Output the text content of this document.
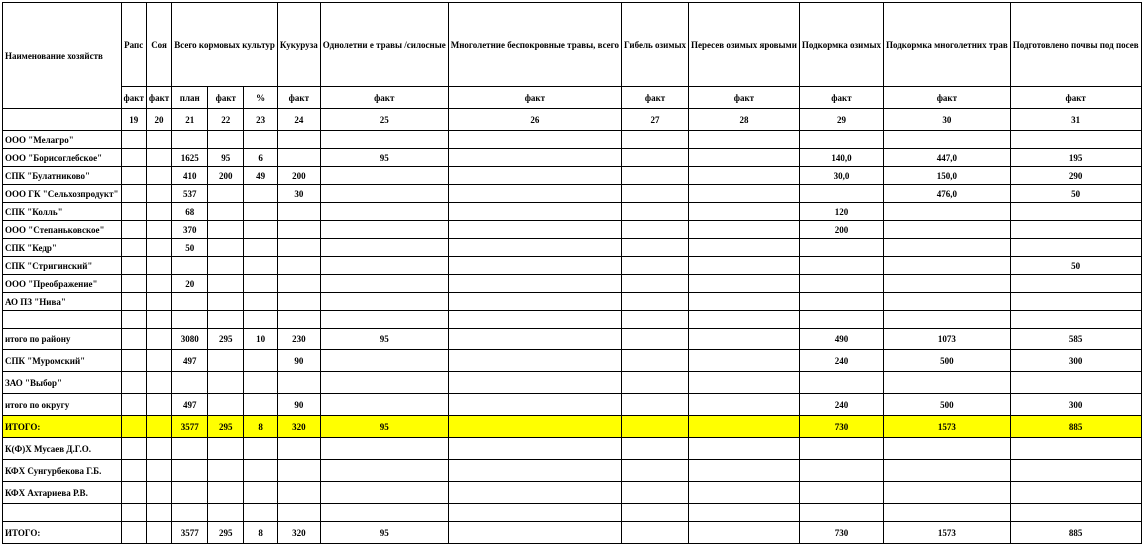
Наименование хозяйств	Рапс	Соя	Всего кормовых культур			Кукуруза	Однолетни е травы /силосные	Многолетние беспокровные травы, всего	Гибель озимых	Пересев озимых яровыми	Подкормка озимых	Подкормка многолетних трав	Подготовлено почвы под посев
	факт	факт	план	факт	%	факт	факт	факт	факт	факт	факт	факт	факт
	19	20	21	22	23	24	25	26	27	28	29	30	31
ООО "Мелагро"													
ООО "Борисоглебское"			1625	95	6		95				140,0	447,0	195
СПК "Булатниково"			410	200	49	200					30,0	150,0	290
ООО ГК "Сельхозпродукт"			537			30						476,0	50
СПК "Колль"			68								120		
ООО "Степаньковское"			370								200		
СПК "Кедр"			50										
СПК "Стригинский"													50
ООО "Преображение"			20										
АО ПЗ "Нива"													

итого по району			3080	295	10	230	95				490	1073	585
СПК "Муромский"			497			90					240	500	300
ЗАО "Выбор"													
итого по округу			497			90					240	500	300
ИТОГО:			3577	295	8	320	95				730	1573	885
К(Ф)Х Мусаев Д.Г.О.													
КФХ Сунгурбекова Г.Б.													
КФХ Ахтариева Р.В.													

ИТОГО:			3577	295	8	320	95				730	1573	885
